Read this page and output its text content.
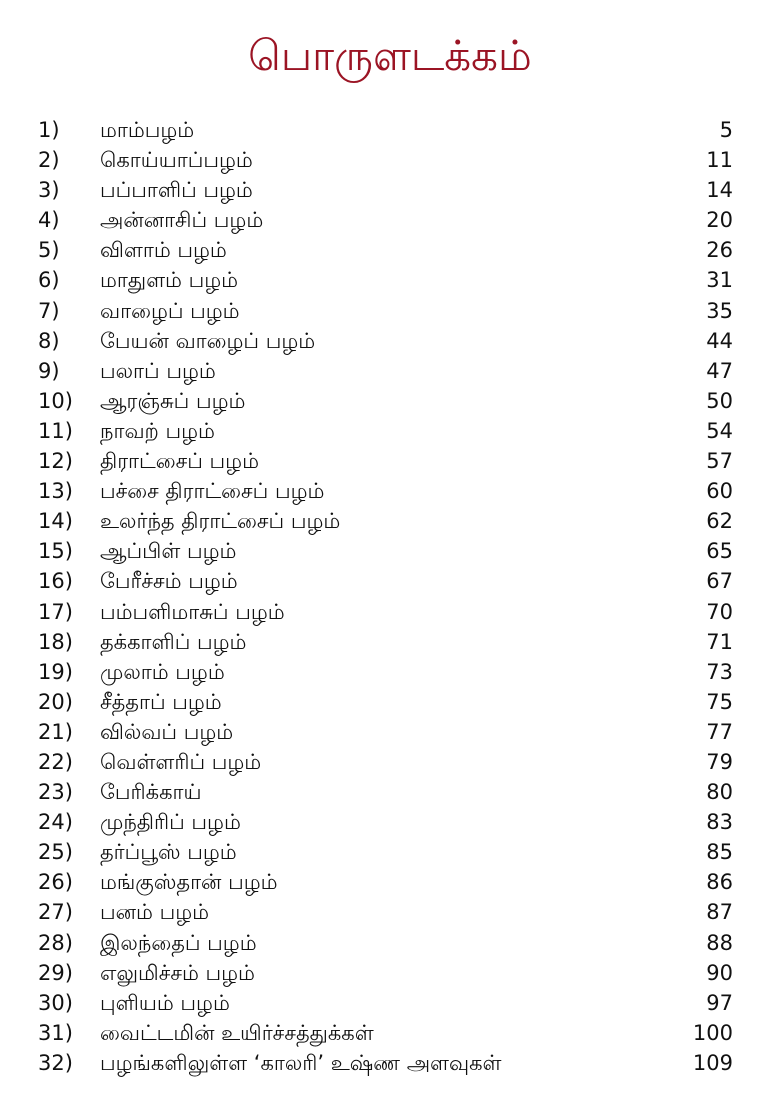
பொருளடக்கம்
1) மாம்பழம்	5
2) கொய்யாப்பழம்	11
3) பப்பாளிப் பழம்	14
4) அன்னாசிப் பழம்	20
5) விளாம் பழம்	26
6) மாதுளம் பழம்	31
7) வாழைப் பழம்	35
8) பேயன் வாழைப் பழம்	44
9) பலாப் பழம்	47
10) ஆரஞ்சுப் பழம்	50
11) நாவற் பழம்	54
12) திராட்சைப் பழம்	57
13) பச்சை திராட்சைப் பழம்	60
14) உலர்ந்த திராட்சைப் பழம்	62
15) ஆப்பிள் பழம்	65
16) பேரீச்சம் பழம்	67
17) பம்பளிமாசுப் பழம்	70
18) தக்காளிப் பழம்	71
19) முலாம் பழம்	73
20) சீத்தாப் பழம்	75
21) வில்வப் பழம்	77
22) வெள்ளரிப் பழம்	79
23) பேரிக்காய்	80
24) முந்திரிப் பழம்	83
25) தர்ப்பூஸ் பழம்	85
26) மங்குஸ்தான் பழம்	86
27) பனம் பழம்	87
28) இலந்தைப் பழம்	88
29) எலுமிச்சம் பழம்	90
30) புளியம் பழம்	97
31) வைட்டமின் உயிர்ச்சத்துக்கள்	100
32) பழங்களிலுள்ள ‘காலரி’ உஷ்ண அளவுகள்	109
